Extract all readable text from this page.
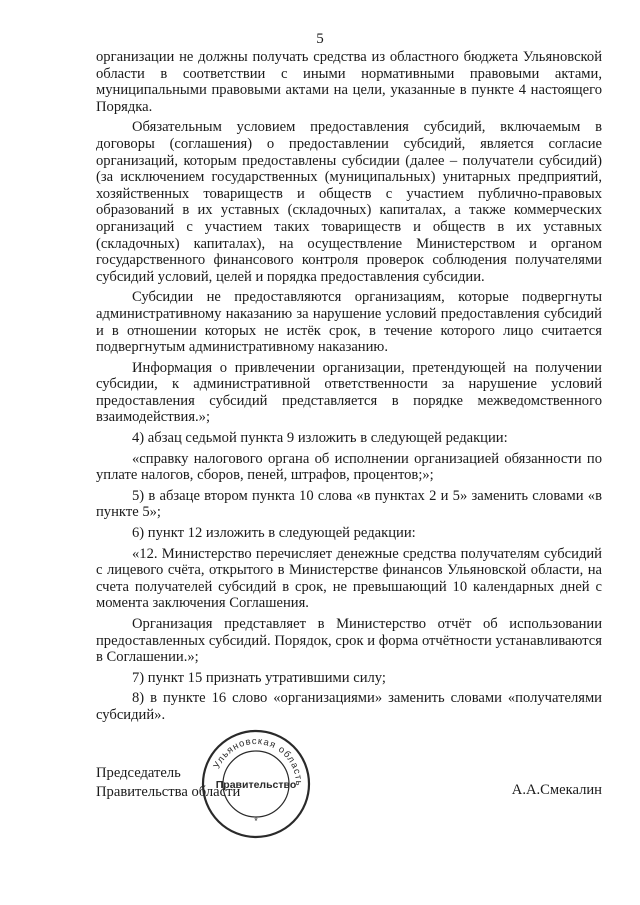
5

организации не должны получать средства из областного бюджета Ульяновской области в соответствии с иными нормативными правовыми актами, муниципальными правовыми актами на цели, указанные в пункте 4 настоящего Порядка.

Обязательным условием предоставления субсидий, включаемым в договоры (соглашения) о предоставлении субсидий, является согласие организаций, которым предоставлены субсидии (далее – получатели субсидий) (за исключением государственных (муниципальных) унитарных предприятий, хозяйственных товариществ и обществ с участием публично-правовых образований в их уставных (складочных) капиталах, а также коммерческих организаций с участием таких товариществ и обществ в их уставных (складочных) капиталах), на осуществление Министерством и органом государственного финансового контроля проверок соблюдения получателями субсидий условий, целей и порядка предоставления субсидии.

Субсидии не предоставляются организациям, которые подвергнуты административному наказанию за нарушение условий предоставления субсидий и в отношении которых не истёк срок, в течение которого лицо считается подвергнутым административному наказанию.

Информация о привлечении организации, претендующей на получении субсидии, к административной ответственности за нарушение условий предоставления субсидий представляется в порядке межведомственного взаимодействия.»;

4) абзац седьмой пункта 9 изложить в следующей редакции:

«справку налогового органа об исполнении организацией обязанности по уплате налогов, сборов, пеней, штрафов, процентов;»;

5) в абзаце втором пункта 10 слова «в пунктах 2 и 5» заменить словами «в пункте 5»;

6) пункт 12 изложить в следующей редакции:

«12. Министерство перечисляет денежные средства получателям субсидий с лицевого счёта, открытого в Министерстве финансов Ульяновской области, на счета получателей субсидий в срок, не превышающий 10 календарных дней с момента заключения Соглашения.

Организация представляет в Министерство отчёт об использовании предоставленных субсидий. Порядок, срок и форма отчётности устанавливаются в Соглашении.»;

7) пункт 15 признать утратившими силу;

8) в пункте 16 слово «организациями» заменить словами «получателями субсидий».

Председатель
Правительства области
Ульяновская область
Правительство
*
А.А.Смекалин
